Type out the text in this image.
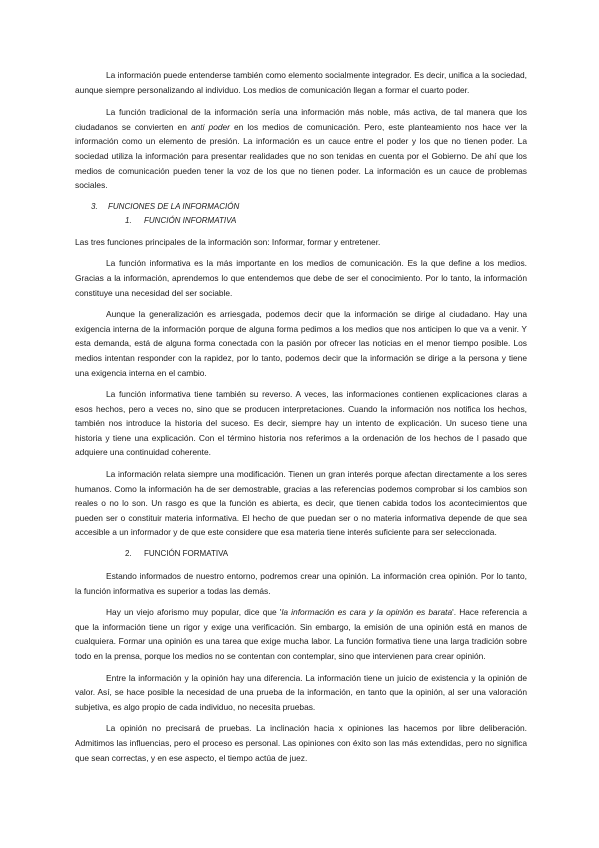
La información puede entenderse también como elemento socialmente integrador. Es decir, unifica a la sociedad, aunque siempre personalizando al individuo. Los medios de comunicación llegan a formar el cuarto poder.

La función tradicional de la información sería una información más noble, más activa, de tal manera que los ciudadanos se convierten en anti poder en los medios de comunicación. Pero, este planteamiento nos hace ver la información como un elemento de presión. La información es un cauce entre el poder y los que no tienen poder. La sociedad utiliza la información para presentar realidades que no son tenidas en cuenta por el Gobierno. De ahí que los medios de comunicación pueden tener la voz de los que no tienen poder. La información es un cauce de problemas sociales.

3. FUNCIONES DE LA INFORMACIÓN
1. FUNCIÓN INFORMATIVA

Las tres funciones principales de la información son: Informar, formar y entretener.

La función informativa es la más importante en los medios de comunicación. Es la que define a los medios. Gracias a la información, aprendemos lo que entendemos que debe de ser el conocimiento. Por lo tanto, la información constituye una necesidad del ser sociable.

Aunque la generalización es arriesgada, podemos decir que la información se dirige al ciudadano. Hay una exigencia interna de la información porque de alguna forma pedimos a los medios que nos anticipen lo que va a venir. Y esta demanda, está de alguna forma conectada con la pasión por ofrecer las noticias en el menor tiempo posible. Los medios intentan responder con la rapidez, por lo tanto, podemos decir que la información se dirige a la persona y tiene una exigencia interna en el cambio.

La función informativa tiene también su reverso. A veces, las informaciones contienen explicaciones claras a esos hechos, pero a veces no, sino que se producen interpretaciones. Cuando la información nos notifica los hechos, también nos introduce la historia del suceso. Es decir, siempre hay un intento de explicación. Un suceso tiene una historia y tiene una explicación. Con el término historia nos referimos a la ordenación de los hechos de l pasado que adquiere una continuidad coherente.

La información relata siempre una modificación. Tienen un gran interés porque afectan directamente a los seres humanos. Como la información ha de ser demostrable, gracias a las referencias podemos comprobar si los cambios son reales o no lo son. Un rasgo es que la función es abierta, es decir, que tienen cabida todos los acontecimientos que pueden ser o constituir materia informativa. El hecho de que puedan ser o no materia informativa depende de que sea accesible a un informador y de que este considere que esa materia tiene interés suficiente para ser seleccionada.

2. FUNCIÓN FORMATIVA

Estando informados de nuestro entorno, podremos crear una opinión. La información crea opinión. Por lo tanto, la función informativa es superior a todas las demás.

Hay un viejo aforismo muy popular, dice que 'la información es cara y la opinión es barata'. Hace referencia a que la información tiene un rigor y exige una verificación. Sin embargo, la emisión de una opinión está en manos de cualquiera. Formar una opinión es una tarea que exige mucha labor. La función formativa tiene una larga tradición sobre todo en la prensa, porque los medios no se contentan con contemplar, sino que intervienen para crear opinión.

Entre la información y la opinión hay una diferencia. La información tiene un juicio de existencia y la opinión de valor. Así, se hace posible la necesidad de una prueba de la información, en tanto que la opinión, al ser una valoración subjetiva, es algo propio de cada individuo, no necesita pruebas.

La opinión no precisará de pruebas. La inclinación hacia x opiniones las hacemos por libre deliberación. Admitimos las influencias, pero el proceso es personal. Las opiniones con éxito son las más extendidas, pero no significa que sean correctas, y en ese aspecto, el tiempo actúa de juez.
